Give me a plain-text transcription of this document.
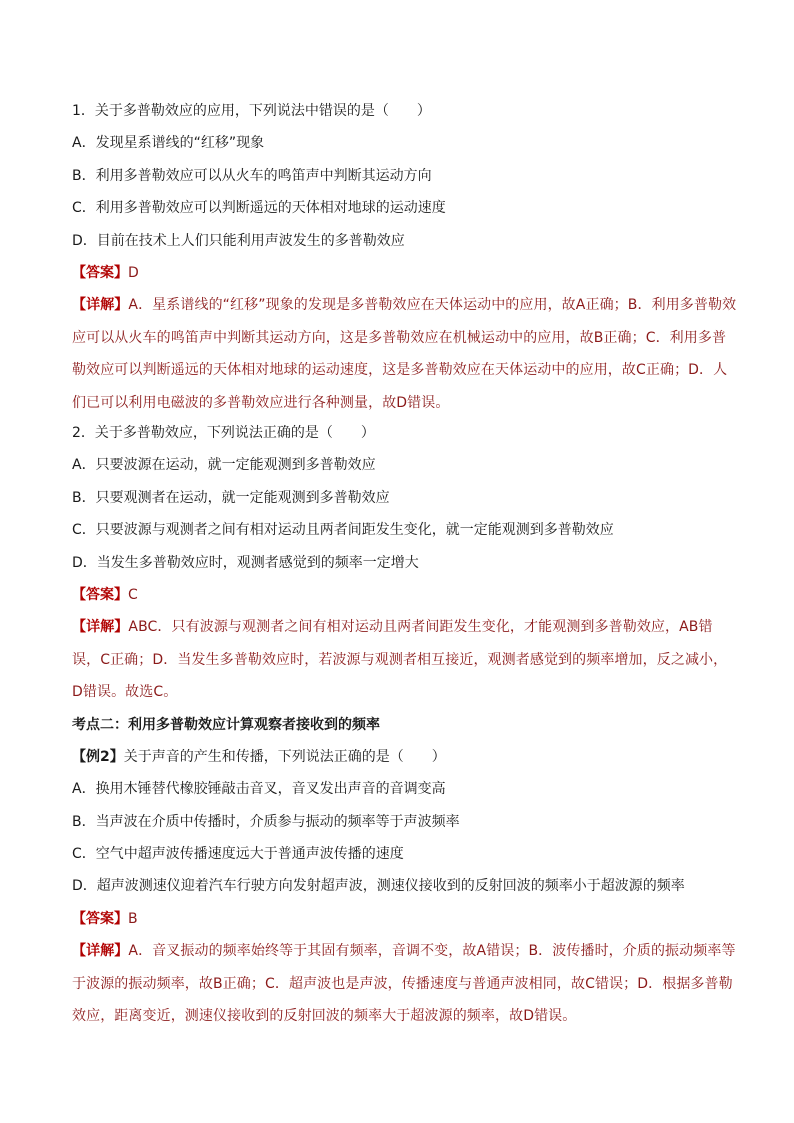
1．关于多普勒效应的应用，下列说法中错误的是（　　）
A．发现星系谱线的“红移”现象
B．利用多普勒效应可以从火车的鸣笛声中判断其运动方向
C．利用多普勒效应可以判断遥远的天体相对地球的运动速度
D．目前在技术上人们只能利用声波发生的多普勒效应
【答案】D
【详解】A．星系谱线的“红移”现象的发现是多普勒效应在天体运动中的应用，故A正确；B．利用多普勒效应可以从火车的鸣笛声中判断其运动方向，这是多普勒效应在机械运动中的应用，故B正确；C．利用多普勒效应可以判断遥远的天体相对地球的运动速度，这是多普勒效应在天体运动中的应用，故C正确；D．人们已可以利用电磁波的多普勒效应进行各种测量，故D错误。
2．关于多普勒效应，下列说法正确的是（　　）
A．只要波源在运动，就一定能观测到多普勒效应
B．只要观测者在运动，就一定能观测到多普勒效应
C．只要波源与观测者之间有相对运动且两者间距发生变化，就一定能观测到多普勒效应
D．当发生多普勒效应时，观测者感觉到的频率一定增大
【答案】C
【详解】ABC．只有波源与观测者之间有相对运动且两者间距发生变化，才能观测到多普勒效应，AB错误，C正确；D．当发生多普勒效应时，若波源与观测者相互接近，观测者感觉到的频率增加，反之减小，D错误。故选C。
考点二：利用多普勒效应计算观察者接收到的频率
【例2】关于声音的产生和传播，下列说法正确的是（　　）
A．换用木锤替代橡胶锤敲击音叉，音叉发出声音的音调变高
B．当声波在介质中传播时，介质参与振动的频率等于声波频率
C．空气中超声波传播速度远大于普通声波传播的速度
D．超声波测速仪迎着汽车行驶方向发射超声波，测速仪接收到的反射回波的频率小于超波源的频率
【答案】B
【详解】A．音叉振动的频率始终等于其固有频率，音调不变，故A错误；B．波传播时，介质的振动频率等于波源的振动频率，故B正确；C．超声波也是声波，传播速度与普通声波相同，故C错误；D．根据多普勒效应，距离变近，测速仪接收到的反射回波的频率大于超波源的频率，故D错误。
